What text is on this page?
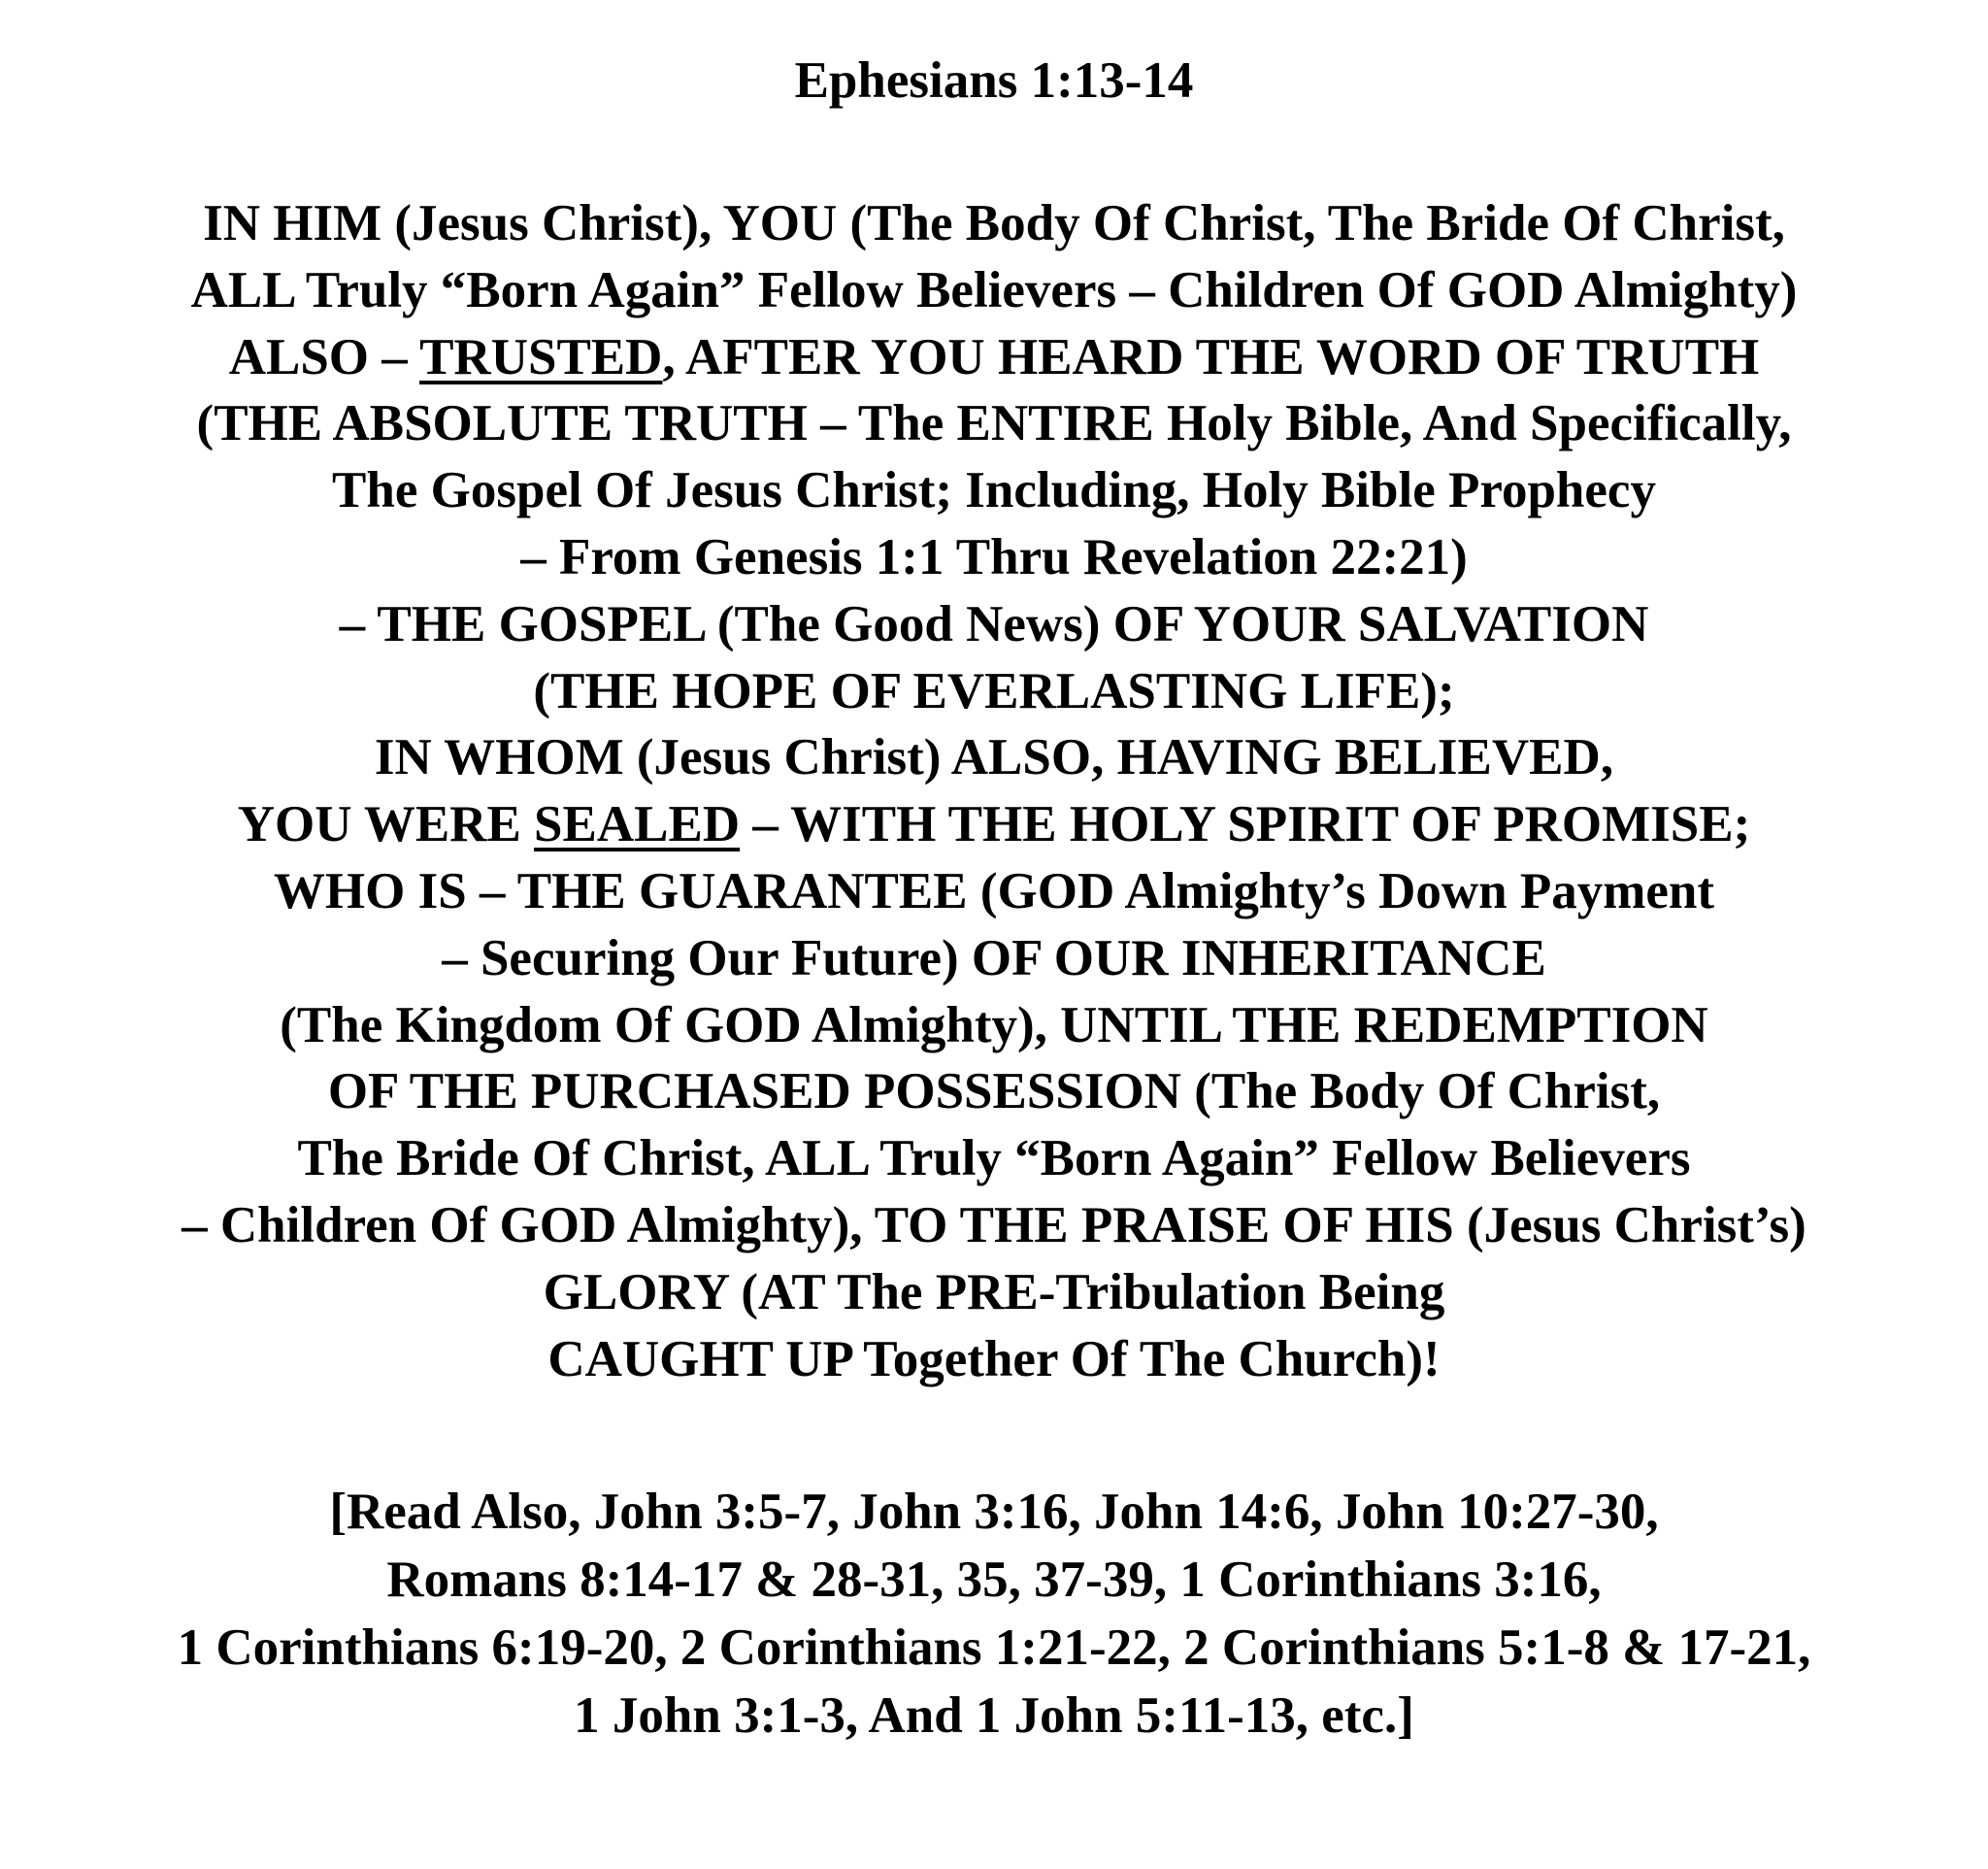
Ephesians 1:13-14
IN HIM (Jesus Christ), YOU (The Body Of Christ, The Bride Of Christ,
ALL Truly “Born Again” Fellow Believers – Children Of GOD Almighty)
ALSO – TRUSTED, AFTER YOU HEARD THE WORD OF TRUTH
(THE ABSOLUTE TRUTH – The ENTIRE Holy Bible, And Specifically,
The Gospel Of Jesus Christ; Including, Holy Bible Prophecy
– From Genesis 1:1 Thru Revelation 22:21)
– THE GOSPEL (The Good News) OF YOUR SALVATION
(THE HOPE OF EVERLASTING LIFE);
IN WHOM (Jesus Christ) ALSO, HAVING BELIEVED,
YOU WERE SEALED – WITH THE HOLY SPIRIT OF PROMISE;
WHO IS – THE GUARANTEE (GOD Almighty’s Down Payment
– Securing Our Future) OF OUR INHERITANCE
(The Kingdom Of GOD Almighty), UNTIL THE REDEMPTION
OF THE PURCHASED POSSESSION (The Body Of Christ,
The Bride Of Christ, ALL Truly “Born Again” Fellow Believers
– Children Of GOD Almighty), TO THE PRAISE OF HIS (Jesus Christ’s)
GLORY (AT The PRE-Tribulation Being
CAUGHT UP Together Of The Church)!
[Read Also, John 3:5-7, John 3:16, John 14:6, John 10:27-30,
Romans 8:14-17 & 28-31, 35, 37-39, 1 Corinthians 3:16,
1 Corinthians 6:19-20, 2 Corinthians 1:21-22, 2 Corinthians 5:1-8 & 17-21,
1 John 3:1-3, And 1 John 5:11-13, etc.]
